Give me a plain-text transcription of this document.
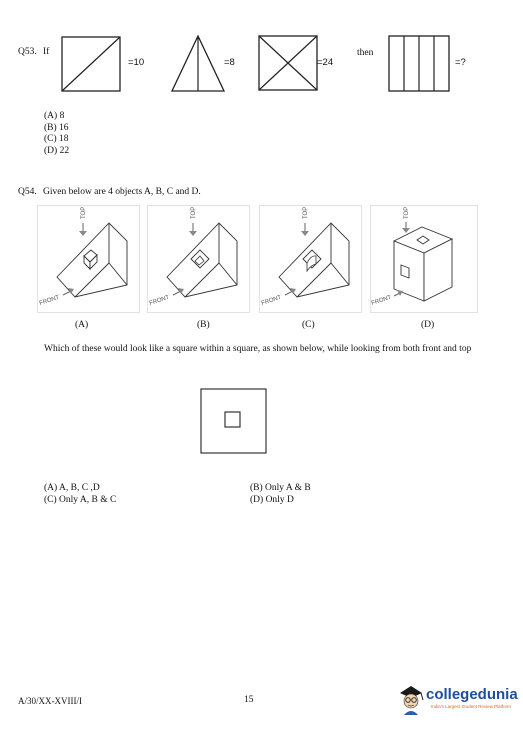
Q53. If
=10	=8	=24
then
=?
(A) 8
(B) 16
(C) 18
(D) 22
Q54. Given below are 4 objects A, B, C and D.
TOP
FRONT
TOP
FRONT
TOP
FRONT
TOP
FRONT
(A)	(B)	(C)	(D)
Which of these would look like a square within a square, as shown below, while looking from both front and top
(A) A, B, C ,D
(C) Only A, B & C
(B) Only A & B
(D) Only D
A/30/XX-XVIII/I	15	collegedunia
India's Largest Student Review Platform
